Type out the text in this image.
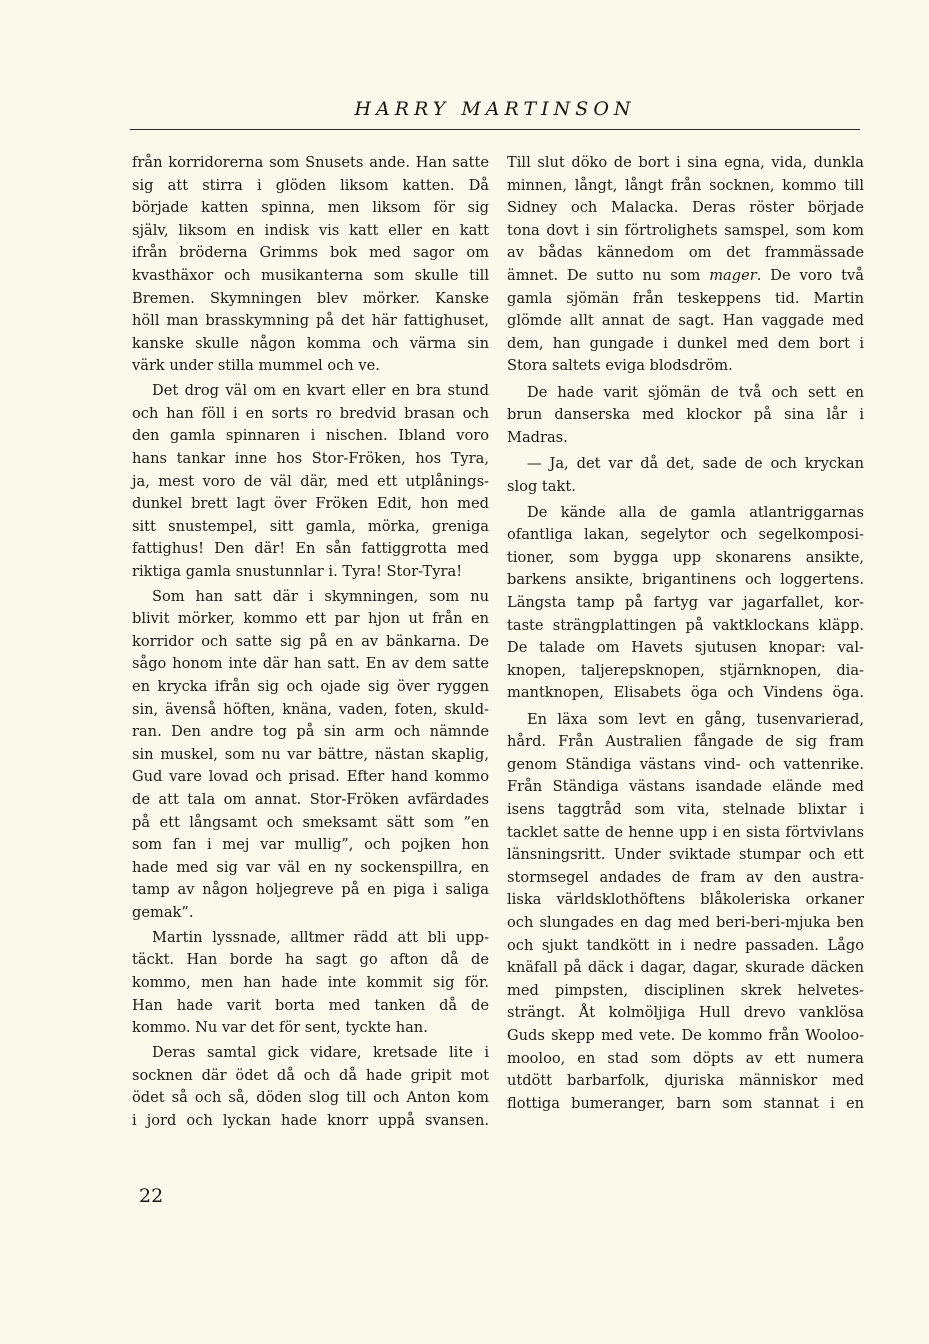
HARRY MARTINSON
från korridorerna som Snusets ande. Han satte
sig att stirra i glöden liksom katten. Då
började katten spinna, men liksom för sig
själv, liksom en indisk vis katt eller en katt
ifrån bröderna Grimms bok med sagor om
kvasthäxor och musikanterna som skulle till
Bremen. Skymningen blev mörker. Kanske
höll man brasskymning på det här fattighuset,
kanske skulle någon komma och värma sin
värk under stilla mummel och ve.
Det drog väl om en kvart eller en bra stund
och han föll i en sorts ro bredvid brasan och
den gamla spinnaren i nischen. Ibland voro
hans tankar inne hos Stor-Fröken, hos Tyra,
ja, mest voro de väl där, med ett utplånings-
dunkel brett lagt över Fröken Edit, hon med
sitt snustempel, sitt gamla, mörka, greniga
fattighus! Den där! En sån fattiggrotta med
riktiga gamla snustunnlar i. Tyra! Stor-Tyra!
Som han satt där i skymningen, som nu
blivit mörker, kommo ett par hjon ut från en
korridor och satte sig på en av bänkarna. De
sågo honom inte där han satt. En av dem satte
en krycka ifrån sig och ojade sig över ryggen
sin, ävenså höften, knäna, vaden, foten, skuld-
ran. Den andre tog på sin arm och nämnde
sin muskel, som nu var bättre, nästan skaplig,
Gud vare lovad och prisad. Efter hand kommo
de att tala om annat. Stor-Fröken avfärdades
på ett långsamt och smeksamt sätt som ”en
som fan i mej var mullig”, och pojken hon
hade med sig var väl en ny sockenspillra, en
tamp av någon holjegreve på en piga i saliga
gemak”.
Martin lyssnade, alltmer rädd att bli upp-
täckt. Han borde ha sagt go afton då de
kommo, men han hade inte kommit sig för.
Han hade varit borta med tanken då de
kommo. Nu var det för sent, tyckte han.
Deras samtal gick vidare, kretsade lite i
socknen där ödet då och då hade gripit mot
ödet så och så, döden slog till och Anton kom
i jord och lyckan hade knorr uppå svansen.
Till slut döko de bort i sina egna, vida, dunkla
minnen, långt, långt från socknen, kommo till
Sidney och Malacka. Deras röster började
tona dovt i sin förtrolighets samspel, som kom
av bådas kännedom om det frammässade
ämnet. De sutto nu som mager. De voro två
gamla sjömän från teskeppens tid. Martin
glömde allt annat de sagt. Han vaggade med
dem, han gungade i dunkel med dem bort i
Stora saltets eviga blodsdröm.
De hade varit sjömän de två och sett en
brun danserska med klockor på sina lår i
Madras.
— Ja, det var då det, sade de och kryckan
slog takt.
De kände alla de gamla atlantriggarnas
ofantliga lakan, segelytor och segelkomposi-
tioner, som bygga upp skonarens ansikte,
barkens ansikte, brigantinens och loggertens.
Längsta tamp på fartyg var jagarfallet, kor-
taste strängplattingen på vaktklockans kläpp.
De talade om Havets sjutusen knopar: val-
knopen, taljerepsknopen, stjärnknopen, dia-
mantknopen, Elisabets öga och Vindens öga.
En läxa som levt en gång, tusenvarierad,
hård. Från Australien fångade de sig fram
genom Ständiga västans vind- och vattenrike.
Från Ständiga västans isandade elände med
isens taggtråd som vita, stelnade blixtar i
tacklet satte de henne upp i en sista förtvivlans
länsningsritt. Under sviktade stumpar och ett
stormsegel andades de fram av den austra-
liska världsklothöftens blåkoleriska orkaner
och slungades en dag med beri-beri-mjuka ben
och sjukt tandkött in i nedre passaden. Lågo
knäfall på däck i dagar, dagar, skurade däcken
med pimpsten, disciplinen skrek helvetes-
strängt. Åt kolmöljiga Hull drevo vanklösa
Guds skepp med vete. De kommo från Wooloo-
mooloo, en stad som döpts av ett numera
utdött barbarfolk, djuriska människor med
flottiga bumeranger, barn som stannat i en
22
